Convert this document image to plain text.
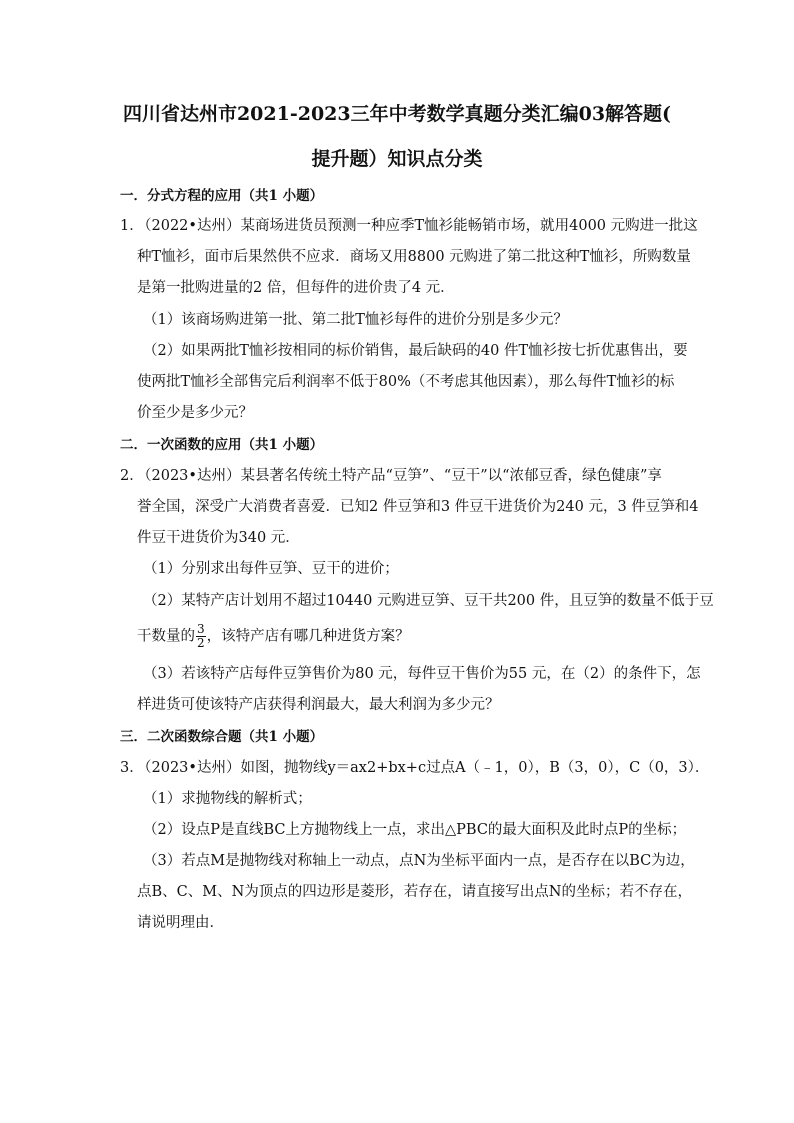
四川省达州市2021-2023三年中考数学真题分类汇编03解答题(
提升题）知识点分类
一．分式方程的应用（共1 小题）
1．（2022•达州）某商场进货员预测一种应季T恤衫能畅销市场，就用4000 元购进一批这
种T恤衫，面市后果然供不应求．商场又用8800 元购进了第二批这种T恤衫，所购数量
是第一批购进量的2 倍，但每件的进价贵了4 元．
（1）该商场购进第一批、第二批T恤衫每件的进价分别是多少元？
（2）如果两批T恤衫按相同的标价销售，最后缺码的40 件T恤衫按七折优惠售出，要
使两批T恤衫全部售完后利润率不低于80%（不考虑其他因素），那么每件T恤衫的标
价至少是多少元？
二．一次函数的应用（共1 小题）
2．（2023•达州）某县著名传统土特产品“豆笋”、“豆干”以“浓郁豆香，绿色健康”享
誉全国，深受广大消费者喜爱．已知2 件豆笋和3 件豆干进货价为240 元，3 件豆笋和4
件豆干进货价为340 元．
（1）分别求出每件豆笋、豆干的进价；
（2）某特产店计划用不超过10440 元购进豆笋、豆干共200 件，且豆笋的数量不低于豆
干数量的 $\frac{3}{2}$ ，该特产店有哪几种进货方案？
（3）若该特产店每件豆笋售价为80 元，每件豆干售价为55 元，在（2）的条件下，怎
样进货可使该特产店获得利润最大，最大利润为多少元？
三．二次函数综合题（共1 小题）
3．（2023•达州）如图，抛物线y＝ax2+bx+c过点A（﹣1，0），B（3，0），C（0，3）．
（1）求抛物线的解析式；
（2）设点P是直线BC上方抛物线上一点，求出△PBC的最大面积及此时点P的坐标；
（3）若点M是抛物线对称轴上一动点，点N为坐标平面内一点，是否存在以BC为边，
点B、C、M、N为顶点的四边形是菱形，若存在，请直接写出点N的坐标；若不存在，
请说明理由．
